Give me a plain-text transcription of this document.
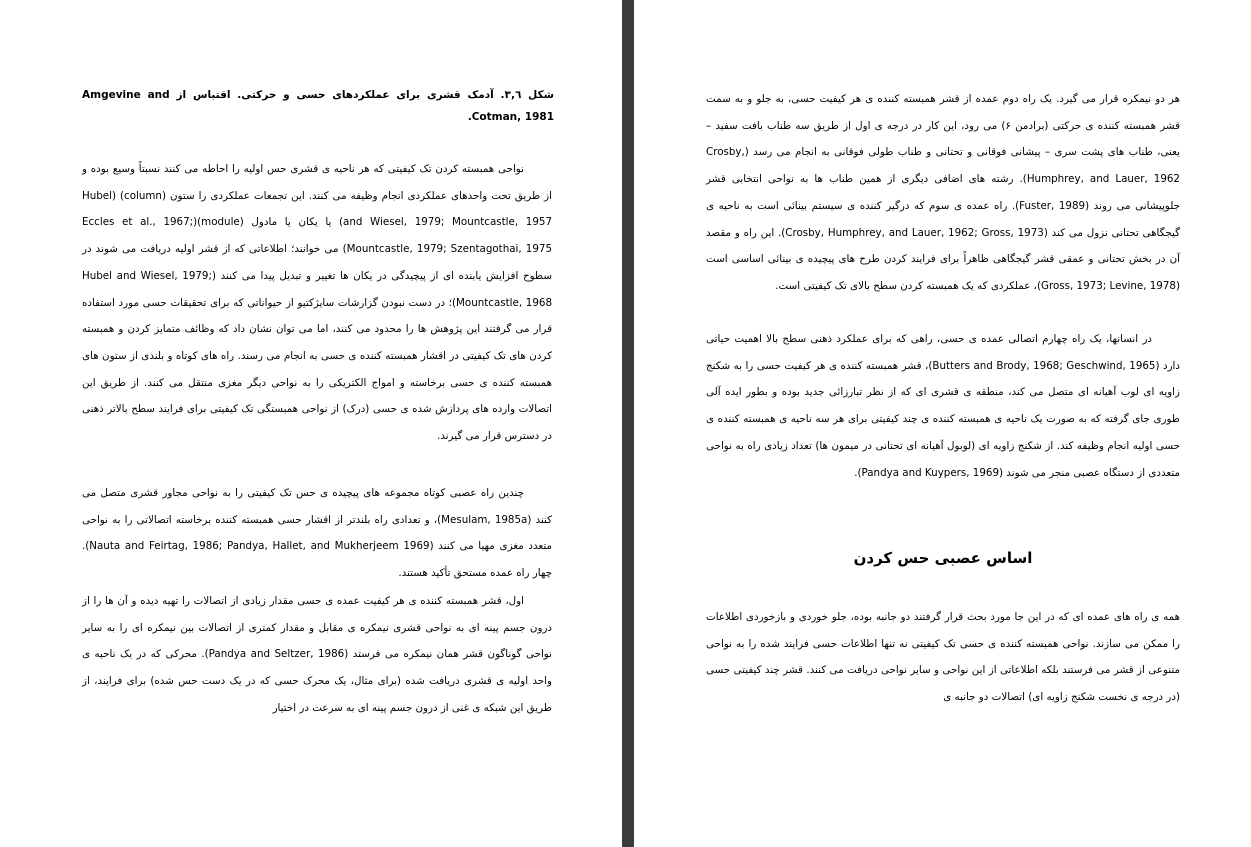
شکل ٣,٦. آدمک قشری برای عملکردهای حسی و حرکتی. اقتباس از Amgevine and Cotman, 1981.

نواحی همبسته کردن تک کیفیتی که هر ناحیه ی قشری حس اولیه را احاطه می کنند نسبتاً وسیع بوده و از طریق تحت واحدهای عملکردی انجام وظیفه می کنند. این تجمعات عملکردی را ستون (column) (Hubel and Wiesel, 1979; Mountcastle, 1957) یا یکان یا مادول (module)(Eccles et al., 1967; Mountcastle, 1979; Szentagothai, 1975) می خوانند؛ اطلاعاتی که از قشر اولیه دریافت می شوند در سطوح افزایش یابنده ای از پیچیدگی در یکان ها تغییر و تبدیل پیدا می کنند (Hubel and Wiesel, 1979; Mountcastle, 1968)؛ در دست نبودن گزارشات سایژکتیو از حیواناتی که برای تحقیقات حسی مورد استفاده قرار می گرفتند این پژوهش ها را محدود می کنند، اما می توان نشان داد که وظائف متمایز کردن و همبسته کردن های تک کیفیتی در اقشار همبسته کننده ی حسی به انجام می رسند. راه های کوتاه و بلندی از ستون های همبسته کننده ی حسی برخاسته و امواج الکتریکی را به نواحی دیگر مغزی منتقل می کنند. از طریق این اتصالات وارده های پردازش شده ی حسی (درک) از نواحی همبستگی تک کیفیتی برای فرایند سطح بالاتر ذهنی در دسترس قرار می گیرند.

چندین راه عصبی کوتاه مجموعه های پیچیده ی حس تک کیفیتی را به نواحی مجاور قشری متصل می کنند (Mesulam, 1985a)، و تعدادی راه بلندتر از اقشار حسی همبسته کننده برخاسته اتصالاتی را به نواحی متعدد مغزی مهیا می کنند (Nauta and Feirtag, 1986; Pandya, Hallet, and Mukherjeem 1969). چهار راه عمده مستحق تأکید هستند.

اول، قشر همبسته کننده ی هر کیفیت عمده ی حسی مقدار زیادی از اتصالات را تهیه دیده و آن ها را از درون جسم پینه ای به نواحی قشری نیمکره ی مقابل و مقدار کمتری از اتصالات بین نیمکره ای را به سایر نواحی گوناگون قشر همان نیمکره می فرستد (Pandya and Seltzer, 1986). محرکی که در یک ناحیه ی واحد اولیه ی قشری دریافت شده (برای مثال، یک محرک حسی که در یک دست حس شده) برای فرایند، از طریق این شبکه ی غنی از درون جسم پینه ای به سرعت در اختیار

هر دو نیمکره قرار می گیرد. یک راه دوم عمده از قشر همبسته کننده ی هر کیفیت حسی، به جلو و به سمت قشر همبسته کننده ی حرکتی (برادمن ۶) می رود، این کار در درجه ی اول از طریق سه طناب بافت سفید – یعنی، طناب های پشت سری – پیشانی فوقانی و تحتانی و طناب طولی فوقانی به انجام می رسد (Crosby, Humphrey, and Lauer, 1962). رشته های اضافی دیگری از همین طناب ها به نواحی انتخابی قشر جلوپیشانی می روند (Fuster, 1989). راه عمده ی سوم که درگیر کننده ی سیستم بینائی است به ناحیه ی گیجگاهی تحتانی نزول می کند (Crosby, Humphrey, and Lauer, 1962; Gross, 1973). این راه و مقصد آن در بخش تحتانی و عمقی قشر گیجگاهی ظاهراً برای فرایند کردن طرح های پیچیده ی بینائی اساسی است (Gross, 1973; Levine, 1978)، عملکردی که یک همبسته کردن سطح بالای تک کیفیتی است.

در انسانها، یک راه چهارم اتصالی عمده ی حسی، راهی که برای عملکرد ذهنی سطح بالا اهمیت حیاتی دارد (Butters and Brody, 1968; Geschwind, 1965)، قشر همبسته کننده ی هر کیفیت حسی را به شکنج زاویه ای لوب آهیانه ای متصل می کند، منطقه ی قشری ای که از نظر تبارزائی جدید بوده و بطور ایده آلی طوری جای گرفته که به صورت یک ناحیه ی همبسته کننده ی چند کیفیتی برای هر سه ناحیه ی همبسته کننده ی حسی اولیه انجام وظیفه کند. از شکنج زاویه ای (لوبول آهیانه ای تحتانی در میمون ها) تعداد زیادی راه به نواحی متعددی از دستگاه عصبی منجر می شوند (Pandya and Kuypers, 1969).

اساس عصبی حس کردن

همه ی راه های عمده ای که در این جا مورد بحث قرار گرفتند دو جانبه بوده، جلو خوردی و بازخوردی اطلاعات را ممکن می سازند. نواحی همبسته کننده ی حسی تک کیفیتی نه تنها اطلاعات حسی فرایند شده را به نواحی متنوعی از قشر می فرستند بلکه اطلاعاتی از این نواحی و سایر نواحی دریافت می کنند. قشر چند کیفیتی حسی (در درجه ی نخست شکنج زاویه ای) اتصالات دو جانبه ی
